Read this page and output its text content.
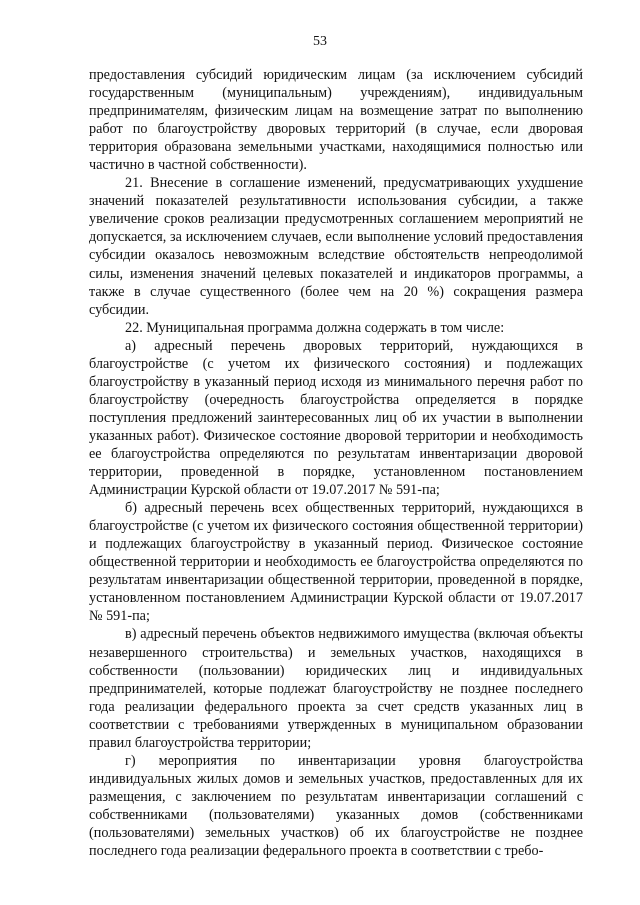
53

предоставления субсидий юридическим лицам (за исключением субсидий государственным (муниципальным) учреждениям), индивидуальным предпринимателям, физическим лицам на возмещение затрат по выполнению работ по благоустройству дворовых территорий (в случае, если дворовая территория образована земельными участками, находящимися полностью или частично в частной собственности).

21. Внесение в соглашение изменений, предусматривающих ухудшение значений показателей результативности использования субсидии, а также увеличение сроков реализации предусмотренных соглашением мероприятий не допускается, за исключением случаев, если выполнение условий предоставления субсидии оказалось невозможным вследствие обстоятельств непреодолимой силы, изменения значений целевых показателей и индикаторов программы, а также в случае существенного (более чем на 20 %) сокращения размера субсидии.

22. Муниципальная программа должна содержать в том числе:

а) адресный перечень дворовых территорий, нуждающихся в благоустройстве (с учетом их физического состояния) и подлежащих благоустройству в указанный период исходя из минимального перечня работ по благоустройству (очередность благоустройства определяется в порядке поступления предложений заинтересованных лиц об их участии в выполнении указанных работ). Физическое состояние дворовой территории и необходимость ее благоустройства определяются по результатам инвентаризации дворовой территории, проведенной в порядке, установленном постановлением Администрации Курской области от 19.07.2017 № 591-па;

б) адресный перечень всех общественных территорий, нуждающихся в благоустройстве (с учетом их физического состояния общественной территории) и подлежащих благоустройству в указанный период. Физическое состояние общественной территории и необходимость ее благоустройства определяются по результатам инвентаризации общественной территории, проведенной в порядке, установленном постановлением Администрации Курской области от 19.07.2017 № 591-па;

в) адресный перечень объектов недвижимого имущества (включая объекты незавершенного строительства) и земельных участков, находящихся в собственности (пользовании) юридических лиц и индивидуальных предпринимателей, которые подлежат благоустройству не позднее последнего года реализации федерального проекта за счет средств указанных лиц в соответствии с требованиями утвержденных в муниципальном образовании правил благоустройства территории;

г) мероприятия по инвентаризации уровня благоустройства индивидуальных жилых домов и земельных участков, предоставленных для их размещения, с заключением по результатам инвентаризации соглашений с собственниками (пользователями) указанных домов (собственниками (пользователями) земельных участков) об их благоустройстве не позднее последнего года реализации федерального проекта в соответствии с требо-
